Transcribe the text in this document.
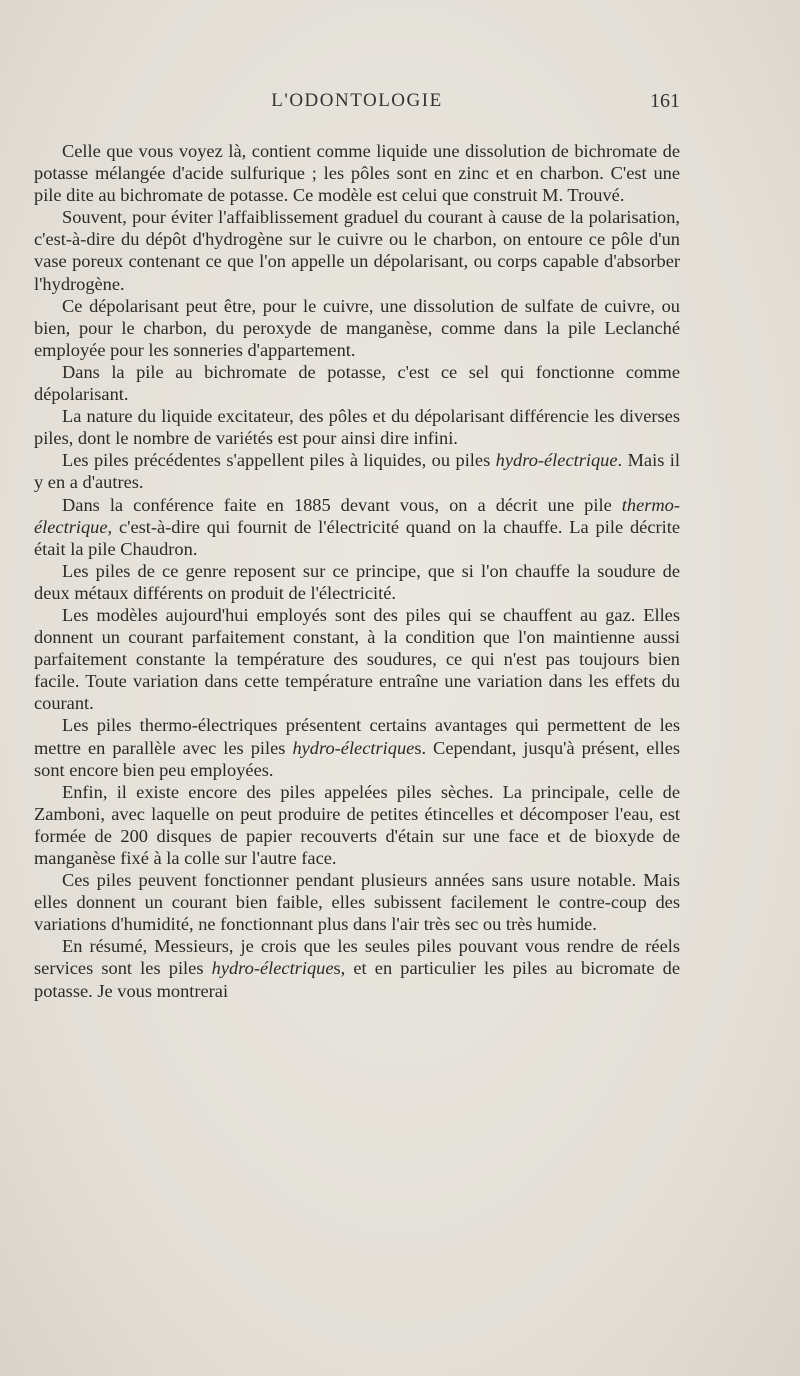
L'ODONTOLOGIE	161

Celle que vous voyez là, contient comme liquide une dissolution de bichromate de potasse mélangée d'acide sulfurique ; les pôles sont en zinc et en charbon. C'est une pile dite au bichromate de potasse. Ce modèle est celui que construit M. Trouvé.

Souvent, pour éviter l'affaiblissement graduel du courant à cause de la polarisation, c'est-à-dire du dépôt d'hydrogène sur le cuivre ou le charbon, on entoure ce pôle d'un vase poreux contenant ce que l'on appelle un dépolarisant, ou corps capable d'absorber l'hydrogène.

Ce dépolarisant peut être, pour le cuivre, une dissolution de sulfate de cuivre, ou bien, pour le charbon, du peroxyde de manganèse, comme dans la pile Leclanché employée pour les sonneries d'appartement.

Dans la pile au bichromate de potasse, c'est ce sel qui fonctionne comme dépolarisant.

La nature du liquide excitateur, des pôles et du dépolarisant différencie les diverses piles, dont le nombre de variétés est pour ainsi dire infini.

Les piles précédentes s'appellent piles à liquides, ou piles hydro-électrique. Mais il y en a d'autres.

Dans la conférence faite en 1885 devant vous, on a décrit une pile thermo-électrique, c'est-à-dire qui fournit de l'électricité quand on la chauffe. La pile décrite était la pile Chaudron.

Les piles de ce genre reposent sur ce principe, que si l'on chauffe la soudure de deux métaux différents on produit de l'électricité.

Les modèles aujourd'hui employés sont des piles qui se chauffent au gaz. Elles donnent un courant parfaitement constant, à la condition que l'on maintienne aussi parfaitement constante la température des soudures, ce qui n'est pas toujours bien facile. Toute variation dans cette température entraîne une variation dans les effets du courant.

Les piles thermo-électriques présentent certains avantages qui permettent de les mettre en parallèle avec les piles hydro-électriques. Cependant, jusqu'à présent, elles sont encore bien peu employées.

Enfin, il existe encore des piles appelées piles sèches. La principale, celle de Zamboni, avec laquelle on peut produire de petites étincelles et décomposer l'eau, est formée de 200 disques de papier recouverts d'étain sur une face et de bioxyde de manganèse fixé à la colle sur l'autre face.

Ces piles peuvent fonctionner pendant plusieurs années sans usure notable. Mais elles donnent un courant bien faible, elles subissent facilement le contre-coup des variations d'humidité, ne fonctionnant plus dans l'air très sec ou très humide.

En résumé, Messieurs, je crois que les seules piles pouvant vous rendre de réels services sont les piles hydro-électriques, et en particulier les piles au bicromate de potasse. Je vous montrerai
